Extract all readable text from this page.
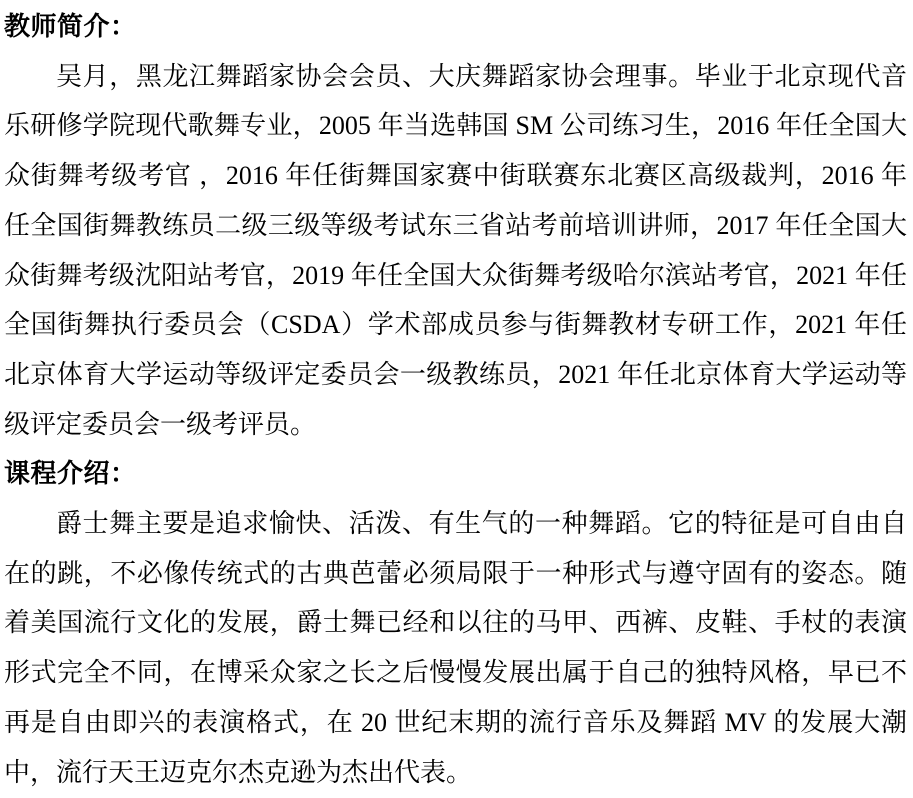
教师简介：

吴月，黑龙江舞蹈家协会会员、大庆舞蹈家协会理事。毕业于北京现代音乐研修学院现代歌舞专业，2005 年当选韩国 SM 公司练习生，2016 年任全国大众街舞考级考官 ，2016 年任街舞国家赛中街联赛东北赛区高级裁判，2016 年任全国街舞教练员二级三级等级考试东三省站考前培训讲师，2017 年任全国大众街舞考级沈阳站考官，2019 年任全国大众街舞考级哈尔滨站考官，2021 年任全国街舞执行委员会（CSDA）学术部成员参与街舞教材专研工作，2021 年任北京体育大学运动等级评定委员会一级教练员，2021 年任北京体育大学运动等级评定委员会一级考评员。

课程介绍：

爵士舞主要是追求愉快、活泼、有生气的一种舞蹈。它的特征是可自由自在的跳，不必像传统式的古典芭蕾必须局限于一种形式与遵守固有的姿态。随着美国流行文化的发展，爵士舞已经和以往的马甲、西裤、皮鞋、手杖的表演形式完全不同，在博采众家之长之后慢慢发展出属于自己的独特风格，早已不再是自由即兴的表演格式，在 20 世纪末期的流行音乐及舞蹈 MV 的发展大潮中，流行天王迈克尔杰克逊为杰出代表。
